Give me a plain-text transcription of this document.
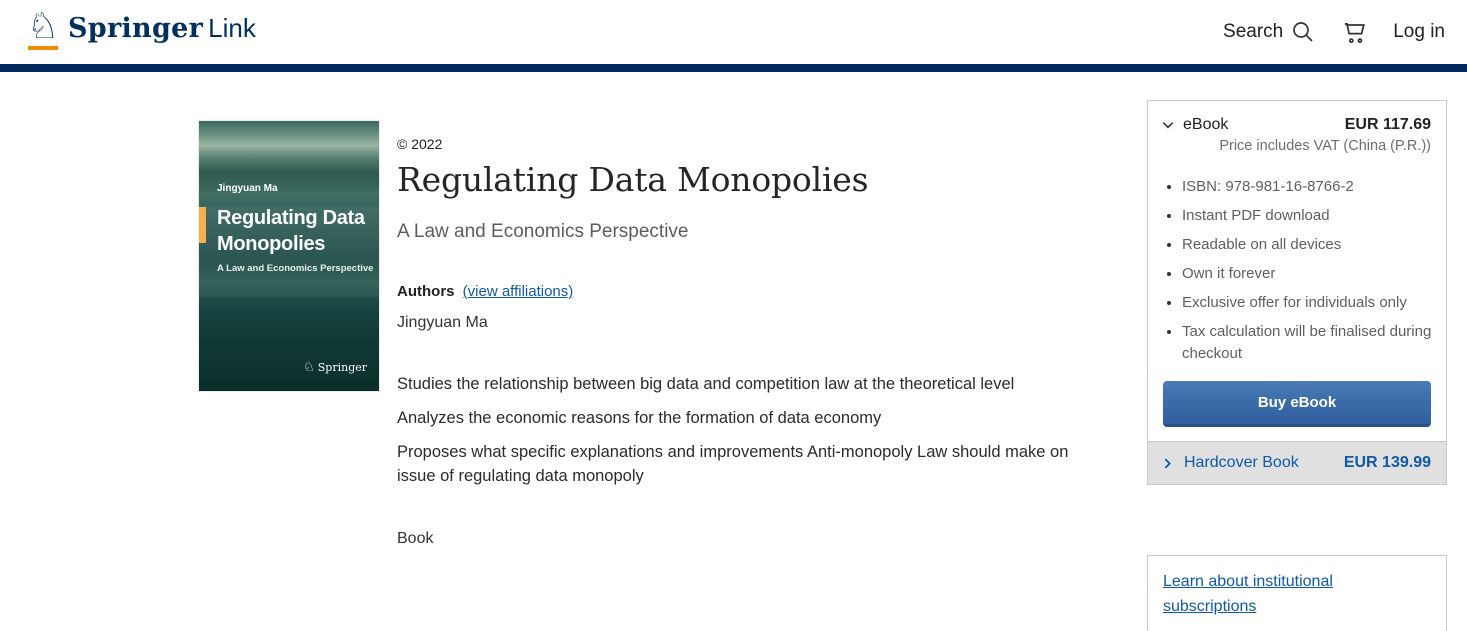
♘ Springer Link	Search	Log in
Jingyuan Ma
Regulating Data Monopolies
A Law and Economics Perspective
♘ Springer
© 2022
Regulating Data Monopolies
A Law and Economics Perspective
Authors (view affiliations)
Jingyuan Ma

Studies the relationship between big data and competition law at the theoretical level

Analyzes the economic reasons for the formation of data economy

Proposes what specific explanations and improvements Anti-monopoly Law should make on issue of regulating data monopoly

Book
eBook	EUR 117.69
Price includes VAT (China (P.R.))
• ISBN: 978-981-16-8766-2
• Instant PDF download
• Readable on all devices
• Own it forever
• Exclusive offer for individuals only
• Tax calculation will be finalised during checkout
Buy eBook
Hardcover Book	EUR 139.99
Learn about institutional subscriptions
